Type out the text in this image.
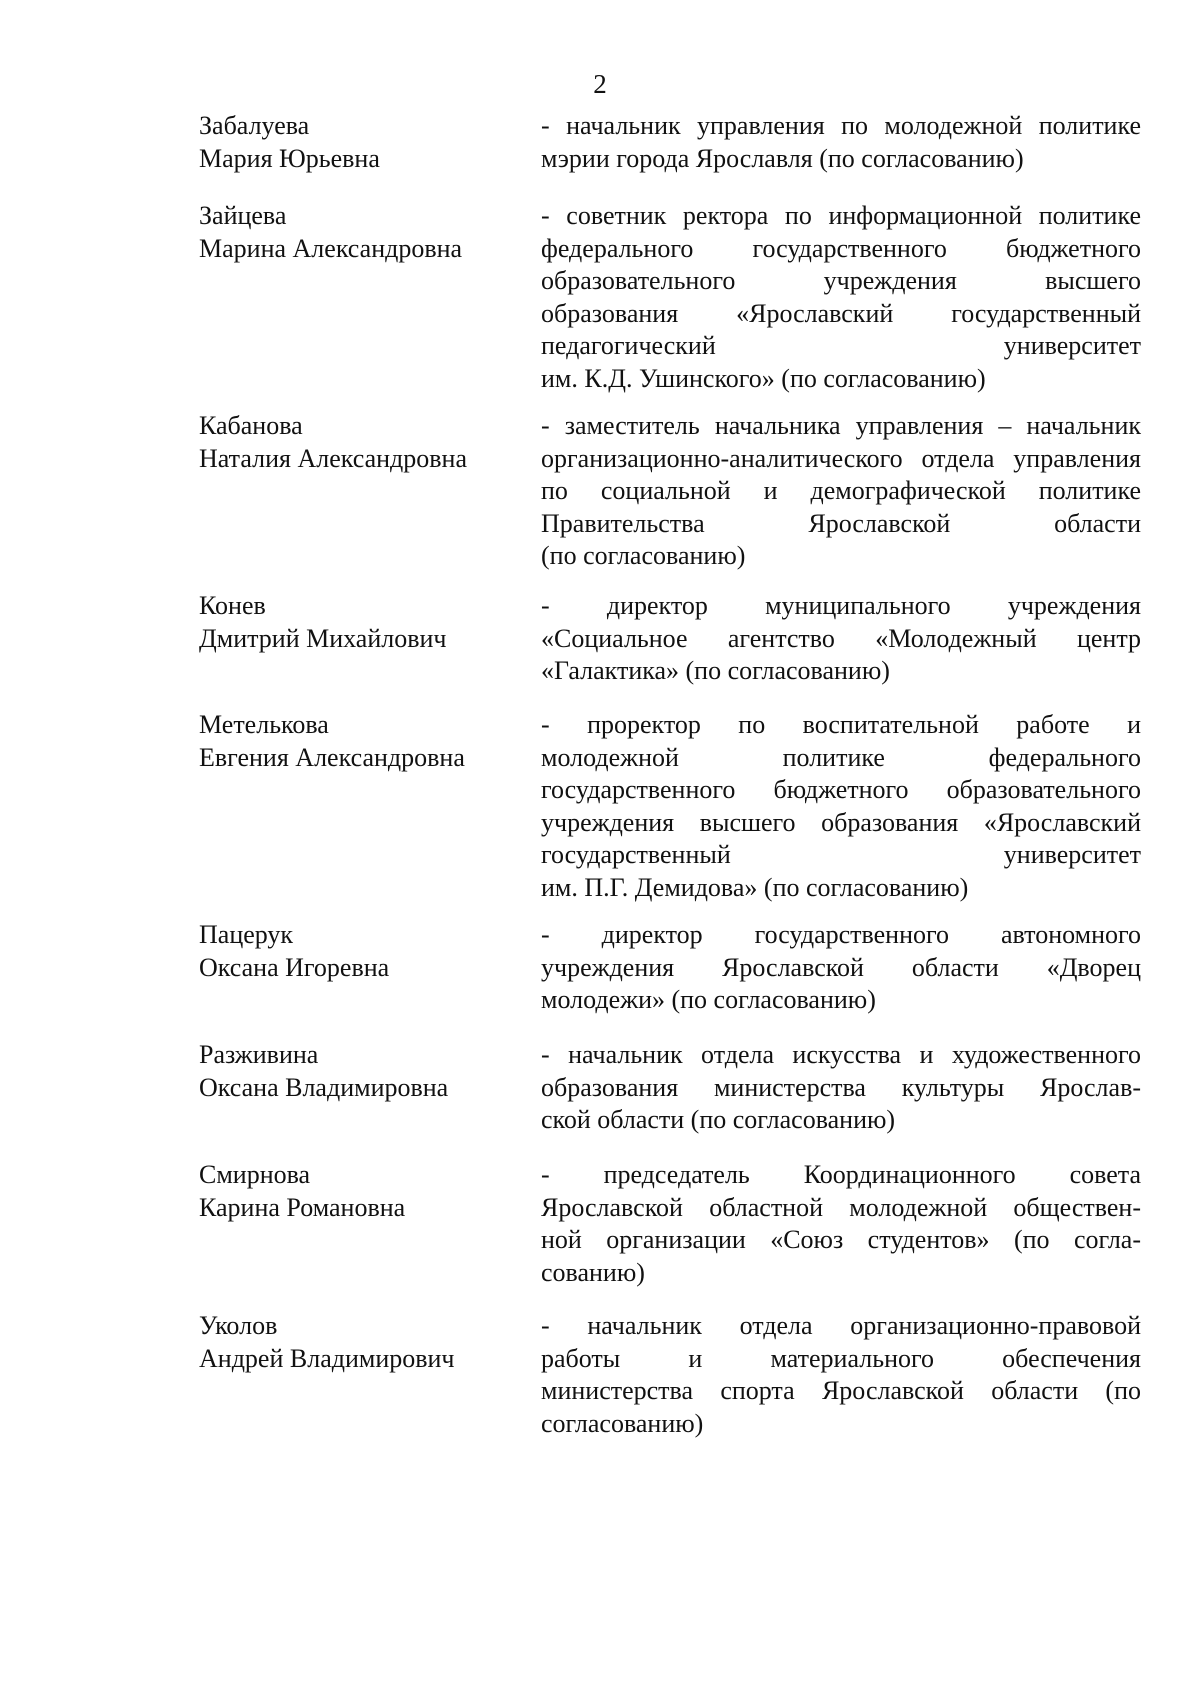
2
Забалуева
Мария Юрьевна
- начальник управления по молодежной политике
мэрии города Ярославля (по согласованию)
Зайцева
Марина Александровна
- советник ректора по информационной политике
федерального государственного бюджетного
образовательного учреждения высшего
образования «Ярославский государственный
педагогический университет
им. К.Д. Ушинского» (по согласованию)
Кабанова
Наталия Александровна
- заместитель начальника управления – начальник
организационно-аналитического отдела управления
по социальной и демографической политике
Правительства Ярославской области
(по согласованию)
Конев
Дмитрий Михайлович
- директор муниципального учреждения
«Социальное агентство «Молодежный центр
«Галактика» (по согласованию)
Метелькова
Евгения Александровна
- проректор по воспитательной работе и
молодежной политике федерального
государственного бюджетного образовательного
учреждения высшего образования «Ярославский
государственный университет
им. П.Г. Демидова» (по согласованию)
Пацерук
Оксана Игоревна
- директор государственного автономного
учреждения Ярославской области «Дворец
молодежи» (по согласованию)
Разживина
Оксана Владимировна
- начальник отдела искусства и художественного
образования министерства культуры Ярослав-
ской области (по согласованию)
Смирнова
Карина Романовна
- председатель Координационного совета
Ярославской областной молодежной обществен-
ной организации «Союз студентов» (по согла-
сованию)
Уколов
Андрей Владимирович
- начальник отдела организационно-правовой
работы и материального обеспечения
министерства спорта Ярославской области (по
согласованию)
